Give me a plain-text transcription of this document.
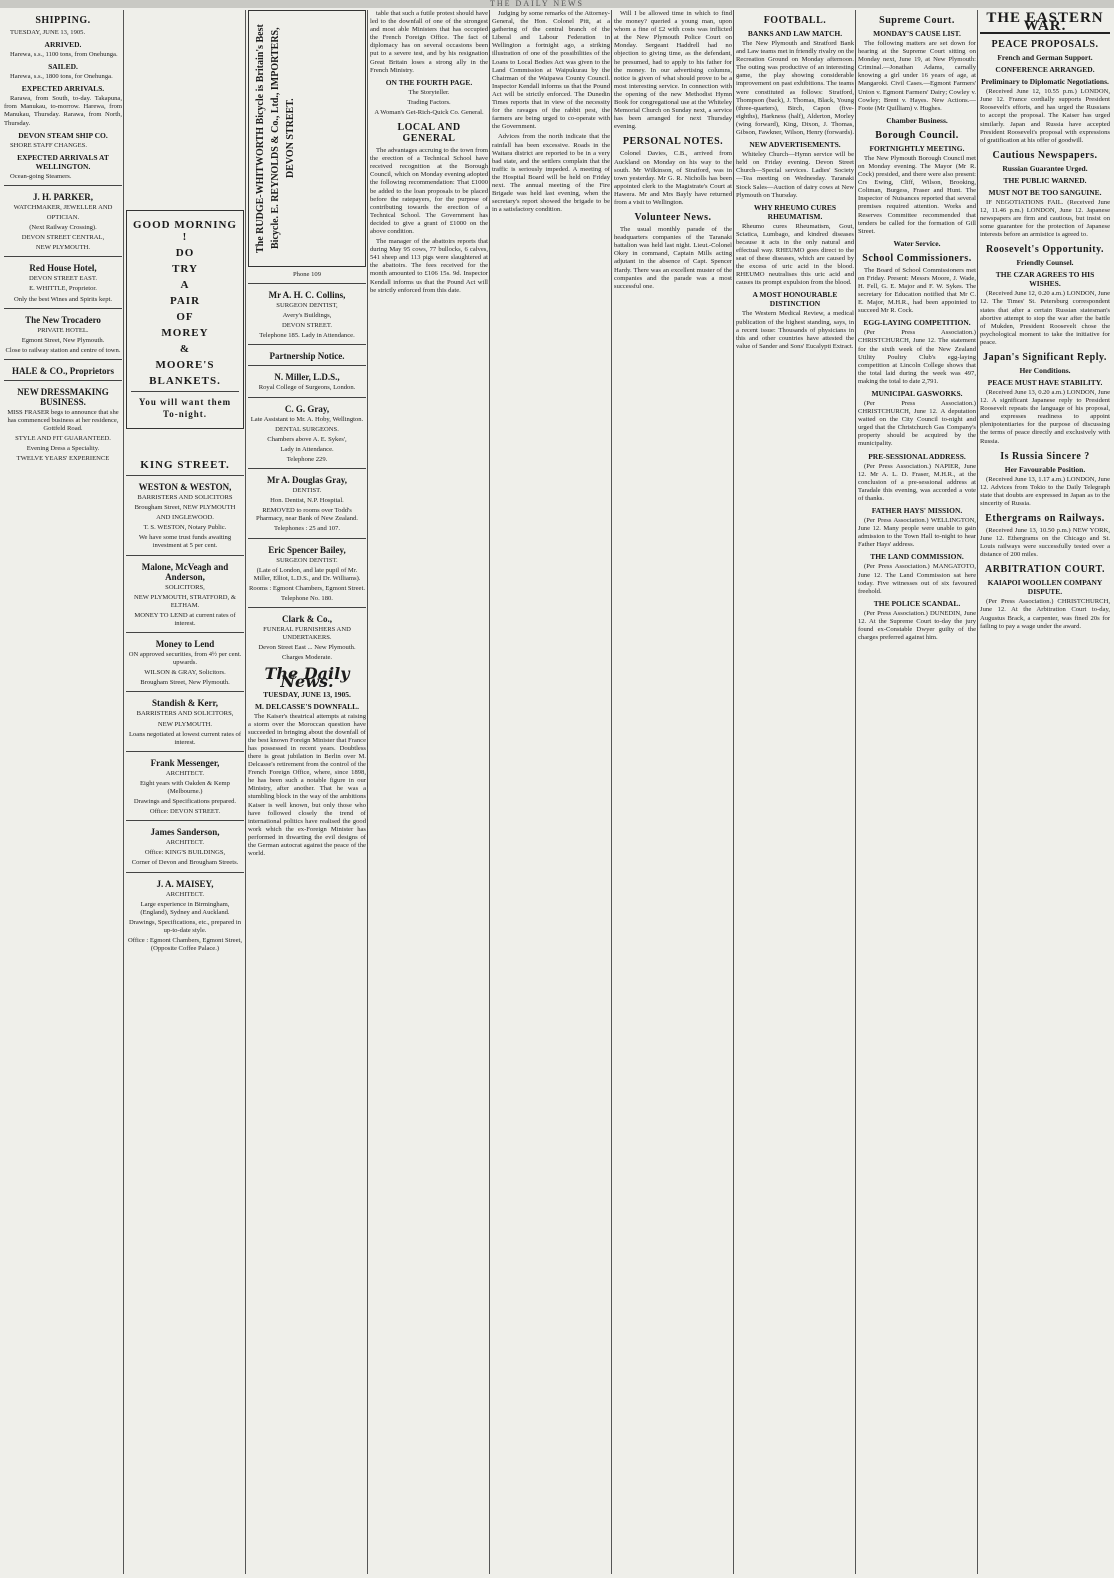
THE DAILY NEWS
SHIPPING.

TUESDAY, JUNE 13, 1905.

ARRIVED.

Harewa, s.s., 1100 tons, from Onehunga.

SAILED.

Harewa, s.s., 1800 tons, for Onehunga.

EXPECTED ARRIVALS.

Rarawa, from South, to-day. Takapuna, from Manukau, to-morrow. Harewa, from Manukau, Thursday. Rarawa, from North, Thursday.

DEVON STEAM SHIP CO.

SHORE STAFF CHANGES.

EXPECTED ARRIVALS AT WELLINGTON.

Ocean-going Steamers.

J. H. PARKER,
WATCHMAKER, JEWELLER AND
OPTICIAN.
(Next Railway Crossing).
DEVON STREET CENTRAL,
NEW PLYMOUTH.
Red House Hotel,
DEVON STREET EAST.
E. WHITTLE, Proprietor.
Only the best Wines and Spirits kept.
The New Trocadero
PRIVATE HOTEL.
Egmont Street, New Plymouth.
Close to railway station and centre of town.
HALE & CO., Proprietors
NEW DRESSMAKING BUSINESS.
MISS FRASER begs to announce that she has commenced business at her residence, Gottfeld Road.
STYLE AND FIT GUARANTEED.
Evening Dress a Speciality.
TWELVE YEARS' EXPERIENCE
GOOD MORNING !
DO
TRY
A
PAIR
OF
MOREY
&
MOORE'S
BLANKETS.
You will want them To-night.
KING STREET.
WESTON & WESTON,
BARRISTERS AND SOLICITORS
Brougham Street, NEW PLYMOUTH
AND INGLEWOOD.
T. S. WESTON, Notary Public.
We have some trust funds awaiting investment at 5 per cent.
Malone, McVeagh and Anderson,
SOLICITORS,
NEW PLYMOUTH, STRATFORD, & ELTHAM.
MONEY TO LEND at current rates of interest.
Money to Lend
ON approved securities, from 4½ per cent. upwards.
WILSON & GRAY, Solicitors.
Brougham Street, New Plymouth.
Standish & Kerr,
BARRISTERS AND SOLICITORS,
NEW PLYMOUTH.
Loans negotiated at lowest current rates of interest.
Frank Messenger,
ARCHITECT.
Eight years with Oakden & Kemp (Melbourne.)
Drawings and Specifications prepared.
Office: DEVON STREET.
James Sanderson,
ARCHITECT.
Office: KING'S BUILDINGS,
Corner of Devon and Brougham Streets.
J. A. MAISEY,
ARCHITECT.
Large experience in Birmingham, (England), Sydney and Auckland.
Drawings, Specifications, etc., prepared in up-to-date style.
Office : Egmont Chambers, Egmont Street, (Opposite Coffee Palace.)
The RUDGE-WHITWORTH Bicycle is Britain's Best Bicycle. E. REYNOLDS & Co., Ltd., IMPORTERS, DEVON STREET.
Phone 109
Mr A. H. C. Collins,
SURGEON DENTIST,
Avery's Buildings,
DEVON STREET.
Telephone 185. Lady in Attendance.
Partnership Notice.
N. Miller, L.D.S.,
Royal College of Surgeons, London.
C. G. Gray,
Late Assistant to Mr. A. Hoby, Wellington.
DENTAL SURGEONS.
Chambers above A. E. Sykes',
Lady in Attendance.
Telephone 229.
Mr A. Douglas Gray,
DENTIST.
Hon. Dentist, N.P. Hospital.
REMOVED to rooms over Todd's Pharmacy, near Bank of New Zealand.
Telephones : 25 and 107.
Eric Spencer Bailey,
SURGEON DENTIST.
(Late of London, and late pupil of Mr. Miller, Elliot, L.D.S., and Dr. Williams).
Rooms : Egmont Chambers, Egmont Street.
Telephone No. 180.
Clark & Co.,
FUNERAL FURNISHERS AND UNDERTAKERS.
Devon Street East ... New Plymouth.
Charges Moderate.
The Daily News.
TUESDAY, JUNE 13, 1905.
M. DELCASSE'S DOWNFALL.

The Kaiser's theatrical attempts at raising a storm over the Moroccan question have succeeded in bringing about the downfall of the best known Foreign Minister that France has possessed in recent years. Doubtless there is great jubilation in Berlin over M. Delcasse's retirement from the control of the French Foreign Office, where, since 1898, he has been such a notable figure in our Ministry, after another. That he was a stumbling block in the way of the ambitions Kaiser is well known, but only those who have followed closely the trend of international politics have realised the good work which the ex-Foreign Minister has performed in thwarting the evil designs of the German autocrat against the peace of the world.

table that such a futile protest should have led to the downfall of one of the strongest and most able Ministers that has occupied the French Foreign Office. The fact of diplomacy has on several occasions been put to a severe test, and by his resignation Great Britain loses a strong ally in the French Ministry.

ON THE FOURTH PAGE.
The Storyteller.
Trading Factors.
A Woman's Get-Rich-Quick Co. General.
LOCAL AND GENERAL

The advantages accruing to the town from the erection of a Technical School have received recognition at the Borough Council, which on Monday evening adopted the following recommendation: That £1000 be added to the loan proposals to be placed before the ratepayers, for the purpose of contributing towards the erection of a Technical School. The Government has decided to give a grant of £1000 on the above condition.

The manager of the abattoirs reports that during May 95 cows, 77 bullocks, 6 calves, 541 sheep and 113 pigs were slaughtered at the abattoirs. The fees received for the month amounted to £106 15s. 9d. Inspector Kendall informs us that the Pound Act will be strictly enforced from this date.

Judging by some remarks of the Attorney-General, the Hon. Colonel Pitt, at a gathering of the central branch of the Liberal and Labour Federation in Wellington a fortnight ago, a striking illustration of one of the possibilities of the Loans to Local Bodies Act was given to the Land Commission at Waipukurau by the Chairman of the Waipawa County Council. Inspector Kendall informs us that the Pound Act will be strictly enforced. The Dunedin Times reports that in view of the necessity for the ravages of the rabbit pest, the farmers are being urged to co-operate with the Government.

Advices from the north indicate that the rainfall has been excessive. Roads in the Waitara district are reported to be in a very bad state, and the settlers complain that the traffic is seriously impeded. A meeting of the Hospital Board will be held on Friday next. The annual meeting of the Fire Brigade was held last evening, when the secretary's report showed the brigade to be in a satisfactory condition.

Will I be allowed time in which to find the money? queried a young man, upon whom a fine of £2 with costs was inflicted at the New Plymouth Police Court on Monday. Sergeant Haddrell had no objection to giving time, as the defendant, he presumed, had to apply to his father for the money. In our advertising columns, notice is given of what should prove to be a most interesting service. In connection with the opening of the new Methodist Hymn Book for congregational use at the Whiteley Memorial Church on Sunday next, a service has been arranged for next Thursday evening.

PERSONAL NOTES.

Colonel Davies, C.B., arrived from Auckland on Monday on his way to the south. Mr Wilkinson, of Stratford, was in town yesterday. Mr G. R. Nicholls has been appointed clerk to the Magistrate's Court at Hawera. Mr and Mrs Bayly have returned from a visit to Wellington.

Volunteer News.

The usual monthly parade of the headquarters companies of the Taranaki battalion was held last night. Lieut.-Colonel Okey in command, Captain Mills acting adjutant in the absence of Capt. Spencer Hardy. There was an excellent muster of the companies and the parade was a most successful one.

FOOTBALL.
BANKS AND LAW MATCH.

The New Plymouth and Stratford Bank and Law teams met in friendly rivalry on the Recreation Ground on Monday afternoon. The outing was productive of an interesting game, the play showing considerable improvement on past exhibitions. The teams were constituted as follows: Stratford, Thompson (back), J. Thomas, Black, Young (three-quarters), Birch, Capon (five-eighths), Harkness (half), Alderton, Morley (wing forward), King, Dixon, J. Thomas, Gibson, Fawkner, Wilson, Henry (forwards).

NEW ADVERTISEMENTS.

Whiteley Church—Hymn service will be held on Friday evening. Devon Street Church—Special services. Ladies' Society—Tea meeting on Wednesday. Taranaki Stock Sales—Auction of dairy cows at New Plymouth on Thursday.

WHY RHEUMO CURES RHEUMATISM.

Rheumo cures Rheumatism, Gout, Sciatica, Lumbago, and kindred diseases because it acts in the only natural and effectual way. RHEUMO goes direct to the seat of these diseases, which are caused by the excess of uric acid in the blood. RHEUMO neutralises this uric acid and causes its prompt expulsion from the blood.

A MOST HONOURABLE DISTINCTION

The Western Medical Review, a medical publication of the highest standing, says, in a recent issue: Thousands of physicians in this and other countries have attested the value of Sander and Sons' Eucalypti Extract.

THE EASTERN WAR.
PEACE PROPOSALS.
French and German Support.
CONFERENCE ARRANGED.
Preliminary to Diplomatic Negotiations.

(Received June 12, 10.55 p.m.) LONDON, June 12. France cordially supports President Roosevelt's efforts, and has urged the Russians to accept the proposal. The Kaiser has urged similarly. Japan and Russia have accepted President Roosevelt's proposal with expressions of gratification at his offer of goodwill.

Cautious Newspapers.
Russian Guarantee Urged.
THE PUBLIC WARNED.
MUST NOT BE TOO SANGUINE.

IF NEGOTIATIONS FAIL. (Received June 12, 11.46 p.m.) LONDON, June 12. Japanese newspapers are firm and cautious, but insist on some guarantee for the protection of Japanese interests before an armistice is agreed to.

Roosevelt's Opportunity.
Friendly Counsel.
THE CZAR AGREES TO HIS WISHES.

(Received June 12, 0.20 a.m.) LONDON, June 12. The Times' St. Petersburg correspondent states that after a certain Russian statesman's abortive attempt to stop the war after the battle of Mukden, President Roosevelt chose the psychological moment to take the initiative for peace.

Japan's Significant Reply.
Her Conditions.
PEACE MUST HAVE STABILITY.

(Received June 13, 0.20 a.m.) LONDON, June 12. A significant Japanese reply to President Roosevelt repeats the language of his proposal, and expresses readiness to appoint plenipotentiaries for the purpose of discussing the terms of peace directly and exclusively with Russia.

Is Russia Sincere ?
Her Favourable Position.

(Received June 13, 1.17 a.m.) LONDON, June 12. Advices from Tokio to the Daily Telegraph state that doubts are expressed in Japan as to the sincerity of Russia.

Ethergrams on Railways.

(Received June 13, 10.50 p.m.) NEW YORK, June 12. Ethergrams on the Chicago and St. Louis railways were successfully tested over a distance of 200 miles.

ARBITRATION COURT.
KAIAPOI WOOLLEN COMPANY DISPUTE.

(Per Press Association.) CHRISTCHURCH, June 12. At the Arbitration Court to-day, Augustus Brack, a carpenter, was fined 20s for failing to pay a wage under the award.

Supreme Court.
MONDAY'S CAUSE LIST.

The following matters are set down for hearing at the Supreme Court sitting on Monday next, June 19, at New Plymouth: Criminal.—Jonathan Adams, carnally knowing a girl under 16 years of age, at Mangaroki. Civil Cases.—Egmont Farmers' Union v. Egmont Farmers' Dairy; Cowley v. Cowley; Brent v. Hayes. New Actions.—Foote (Mr Quilliam) v. Hughes.

Chamber Business.
Borough Council.
FORTNIGHTLY MEETING.

The New Plymouth Borough Council met on Monday evening. The Mayor (Mr R. Cock) presided, and there were also present: Crs Ewing, Cliff, Wilson, Brooking, Coltman, Burgess, Fraser and Hunt. The Inspector of Nuisances reported that several premises required attention. Works and Reserves Committee recommended that tenders be called for the formation of Gill Street.

Water Service.
School Commissioners.

The Board of School Commissioners met on Friday. Present: Messrs Moore, J. Wade, H. Fell, G. E. Major and F. W. Sykes. The secretary for Education notified that Mr C. E. Major, M.H.R., had been appointed to succeed Mr R. Cock.

EGG-LAYING COMPETITION.

(Per Press Association.) CHRISTCHURCH, June 12. The statement for the sixth week of the New Zealand Utility Poultry Club's egg-laying competition at Lincoln College shows that the total laid during the week was 497, making the total to date 2,791.

MUNICIPAL GASWORKS.

(Per Press Association.) CHRISTCHURCH, June 12. A deputation waited on the City Council to-night and urged that the Christchurch Gas Company's property should be acquired by the municipality.

PRE-SESSIONAL ADDRESS.

(Per Press Association.) NAPIER, June 12. Mr A. L. D. Fraser, M.H.R., at the conclusion of a pre-sessional address at Taradale this evening, was accorded a vote of thanks.

FATHER HAYS' MISSION.

(Per Press Association.) WELLINGTON, June 12. Many people were unable to gain admission to the Town Hall to-night to hear Father Hays' address.

THE LAND COMMISSION.

(Per Press Association.) MANGATOTO, June 12. The Land Commission sat here today. Five witnesses out of six favoured freehold.

THE POLICE SCANDAL.

(Per Press Association.) DUNEDIN, June 12. At the Supreme Court to-day the jury found ex-Constable Dwyer guilty of the charges preferred against him.
